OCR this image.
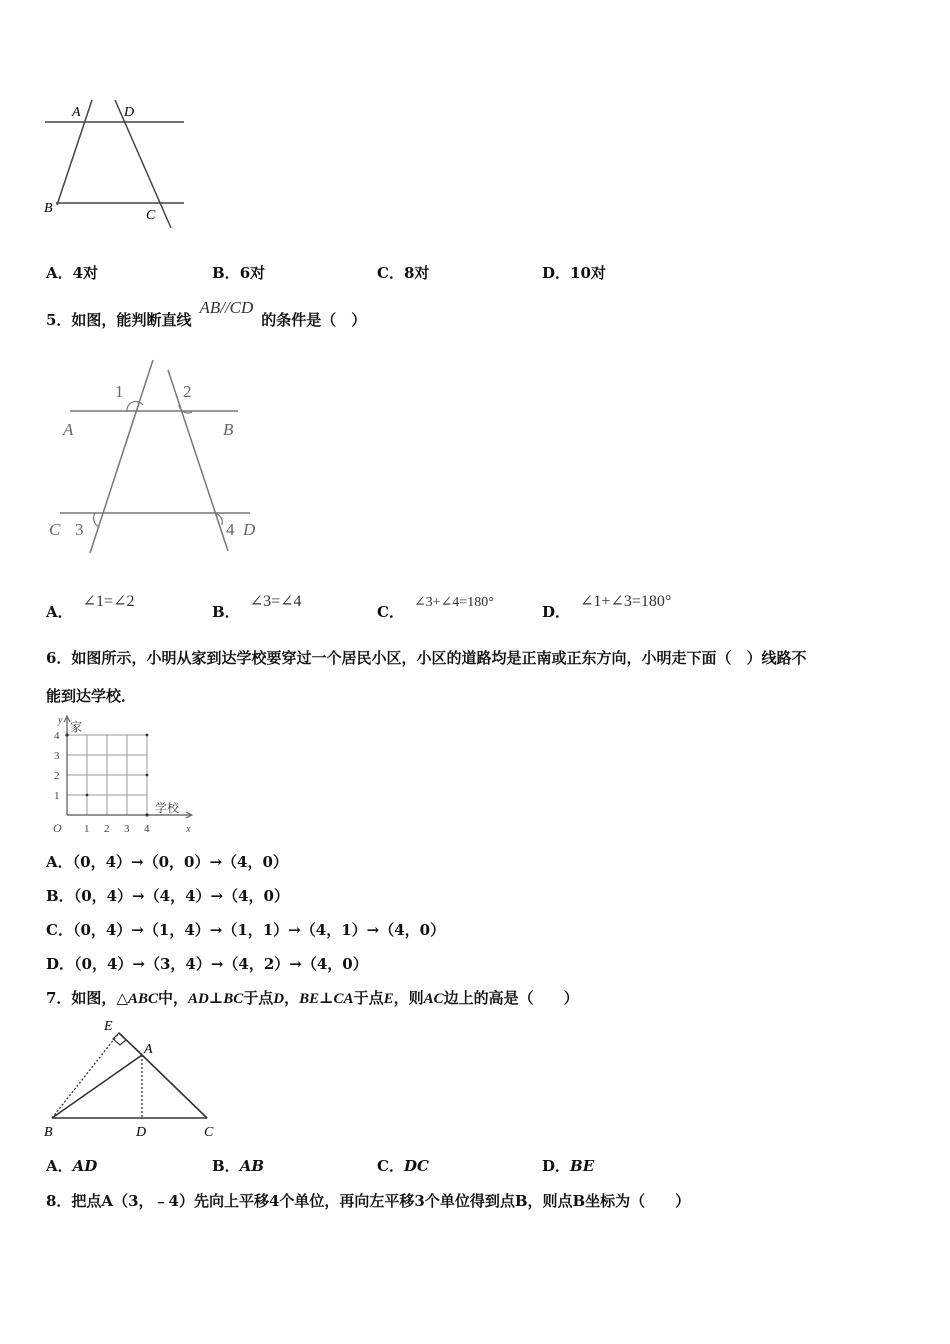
A	D
B	C
A．4对	B．6对	C．8对	D．10对
5．如图，能判断直线AB//CD的条件是（　）
1	2
A	B
C 3	4 D
A．∠1=∠2
B．∠3=∠4
C．∠3+∠4=180°
D．∠1+∠3=180°
6．如图所示，小明从家到达学校要穿过一个居民小区，小区的道路均是正南或正东方向，小明走下面（　）线路不
能到达学校．
y 家
学校
4
3
2
1
O 1 2 3 4	x
A．（0，4）→（0，0）→（4，0）
B．（0，4）→（4，4）→（4，0）
C．（0，4）→（1，4）→（1，1）→（4，1）→（4，0）
D．（0，4）→（3，4）→（4，2）→（4，0）
7．如图，△ABC中，AD⊥BC于点D，BE⊥CA于点E，则AC边上的高是（　　）
E
A
B	D	C
A．AD	B．AB	C．DC	D．BE
8．把点A（3，﹣4）先向上平移4个单位，再向左平移3个单位得到点B，则点B坐标为（　　）
